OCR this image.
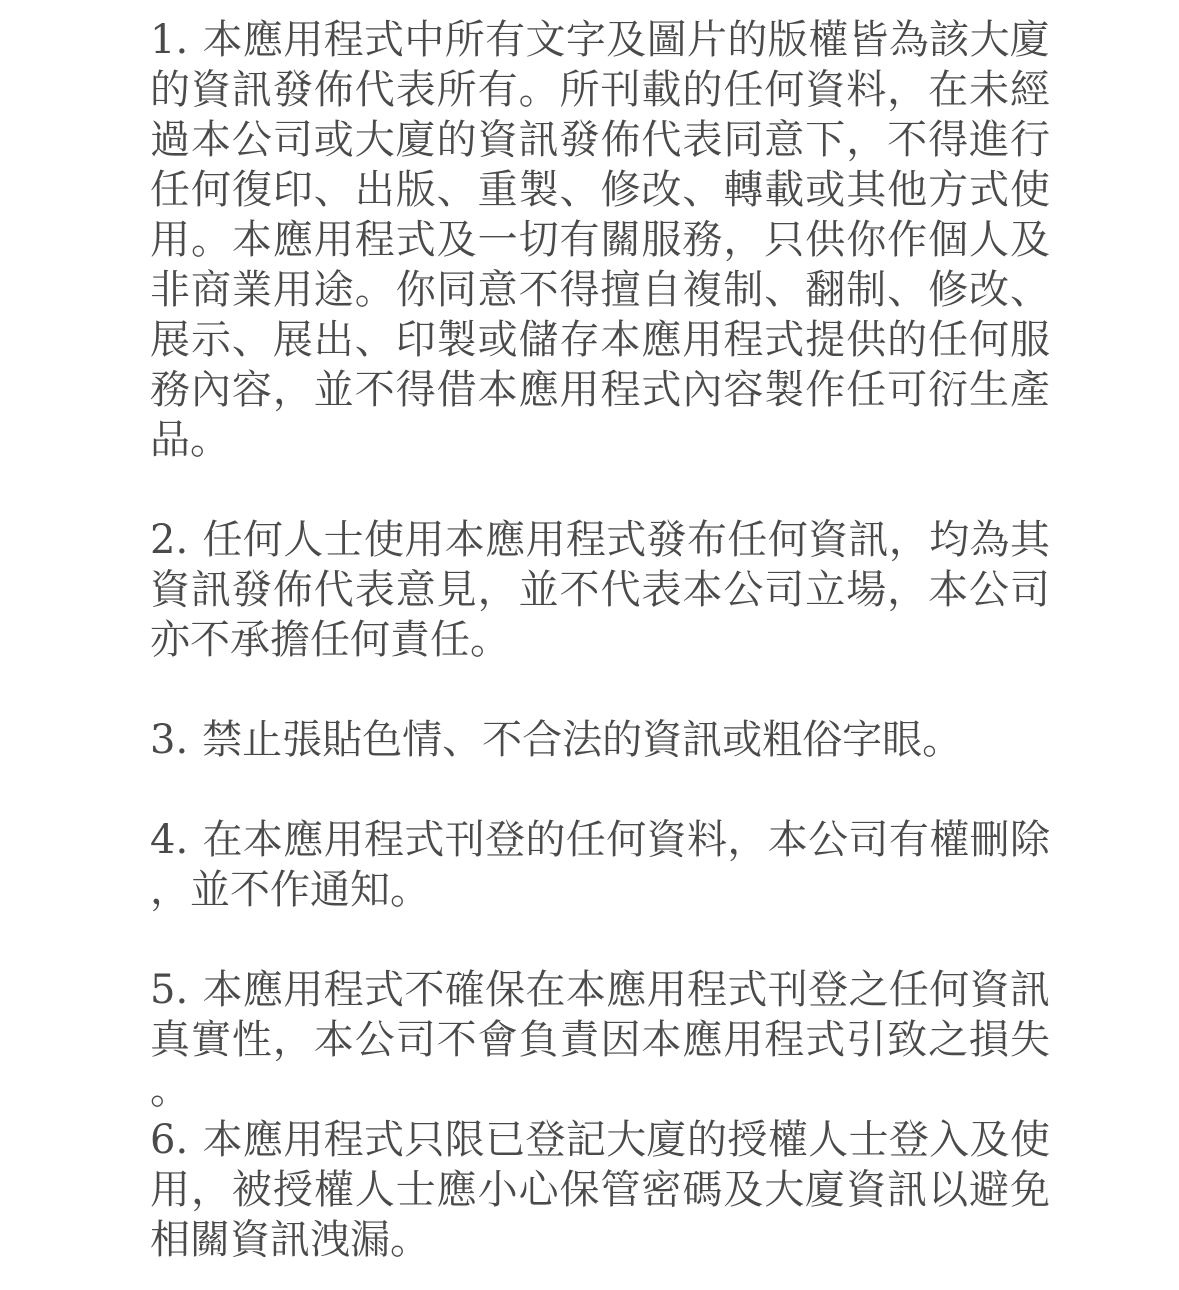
1. 本應用程式中所有文字及圖片的版權皆為該大廈的資訊發佈代表所有。所刊載的任何資料，在未經過本公司或大廈的資訊發佈代表同意下，不得進行任何復印、出版、重製、修改、轉載或其他方式使用。本應用程式及一切有關服務，只供你作個人及非商業用途。你同意不得擅自複制、翻制、修改、展示、展出、印製或儲存本應用程式提供的任何服務內容，並不得借本應用程式內容製作任可衍生產品。

2. 任何人士使用本應用程式發布任何資訊，均為其資訊發佈代表意見，並不代表本公司立場，本公司亦不承擔任何責任。

3. 禁止張貼色情、不合法的資訊或粗俗字眼。

4. 在本應用程式刊登的任何資料，本公司有權刪除，並不作通知。

5. 本應用程式不確保在本應用程式刊登之任何資訊真實性，本公司不會負責因本應用程式引致之損失。

6. 本應用程式只限已登記大廈的授權人士登入及使用，被授權人士應小心保管密碼及大廈資訊以避免相關資訊洩漏。
